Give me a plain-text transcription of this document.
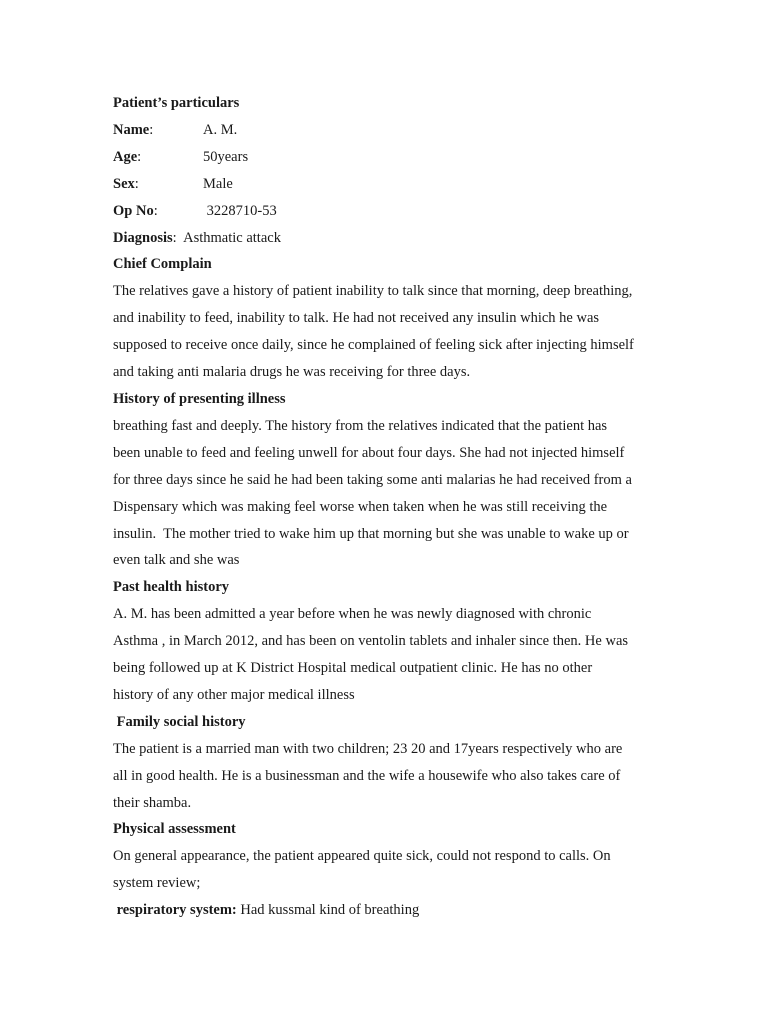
Patient’s particulars
Name:	A. M.
Age:	50years
Sex:	Male
Op No:	3228710-53
Diagnosis:  Asthmatic attack
Chief Complain
The relatives gave a history of patient inability to talk since that morning, deep breathing,
and inability to feed, inability to talk. He had not received any insulin which he was
supposed to receive once daily, since he complained of feeling sick after injecting himself
and taking anti malaria drugs he was receiving for three days.
History of presenting illness
breathing fast and deeply. The history from the relatives indicated that the patient has
been unable to feed and feeling unwell for about four days. She had not injected himself
for three days since he said he had been taking some anti malarias he had received from a
Dispensary which was making feel worse when taken when he was still receiving the
insulin.  The mother tried to wake him up that morning but she was unable to wake up or
even talk and she was
Past health history
A. M. has been admitted a year before when he was newly diagnosed with chronic
Asthma , in March 2012, and has been on ventolin tablets and inhaler since then. He was
being followed up at K District Hospital medical outpatient clinic. He has no other
history of any other major medical illness
Family social history
The patient is a married man with two children; 23 20 and 17years respectively who are
all in good health. He is a businessman and the wife a housewife who also takes care of
their shamba.
Physical assessment
On general appearance, the patient appeared quite sick, could not respond to calls. On
system review;
respiratory system: Had kussmal kind of breathing
